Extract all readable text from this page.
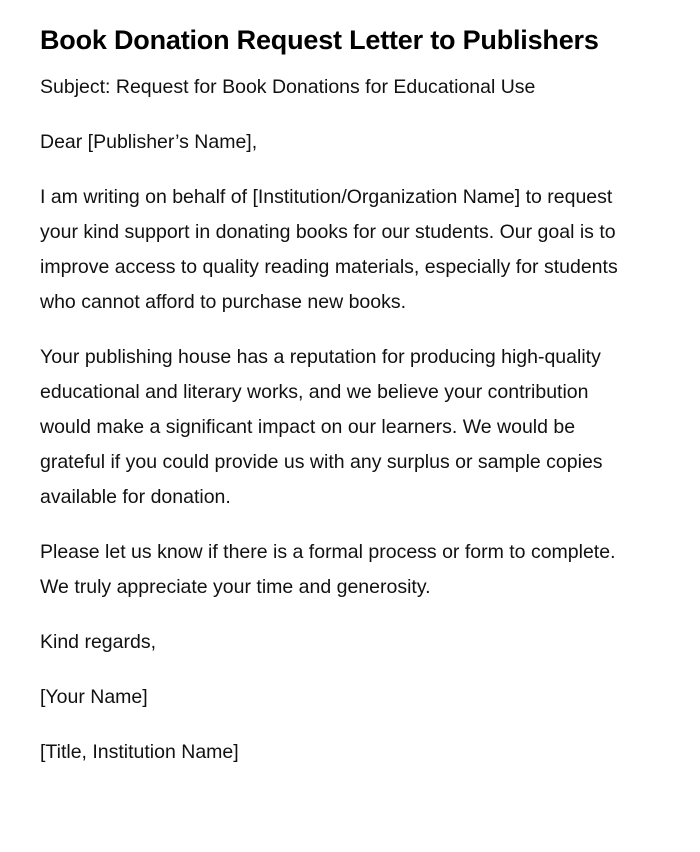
Book Donation Request Letter to Publishers

Subject: Request for Book Donations for Educational Use

Dear [Publisher’s Name],

I am writing on behalf of [Institution/Organization Name] to request your kind support in donating books for our students. Our goal is to improve access to quality reading materials, especially for students who cannot afford to purchase new books.

Your publishing house has a reputation for producing high-quality educational and literary works, and we believe your contribution would make a significant impact on our learners. We would be grateful if you could provide us with any surplus or sample copies available for donation.

Please let us know if there is a formal process or form to complete. We truly appreciate your time and generosity.

Kind regards,

[Your Name]

[Title, Institution Name]
